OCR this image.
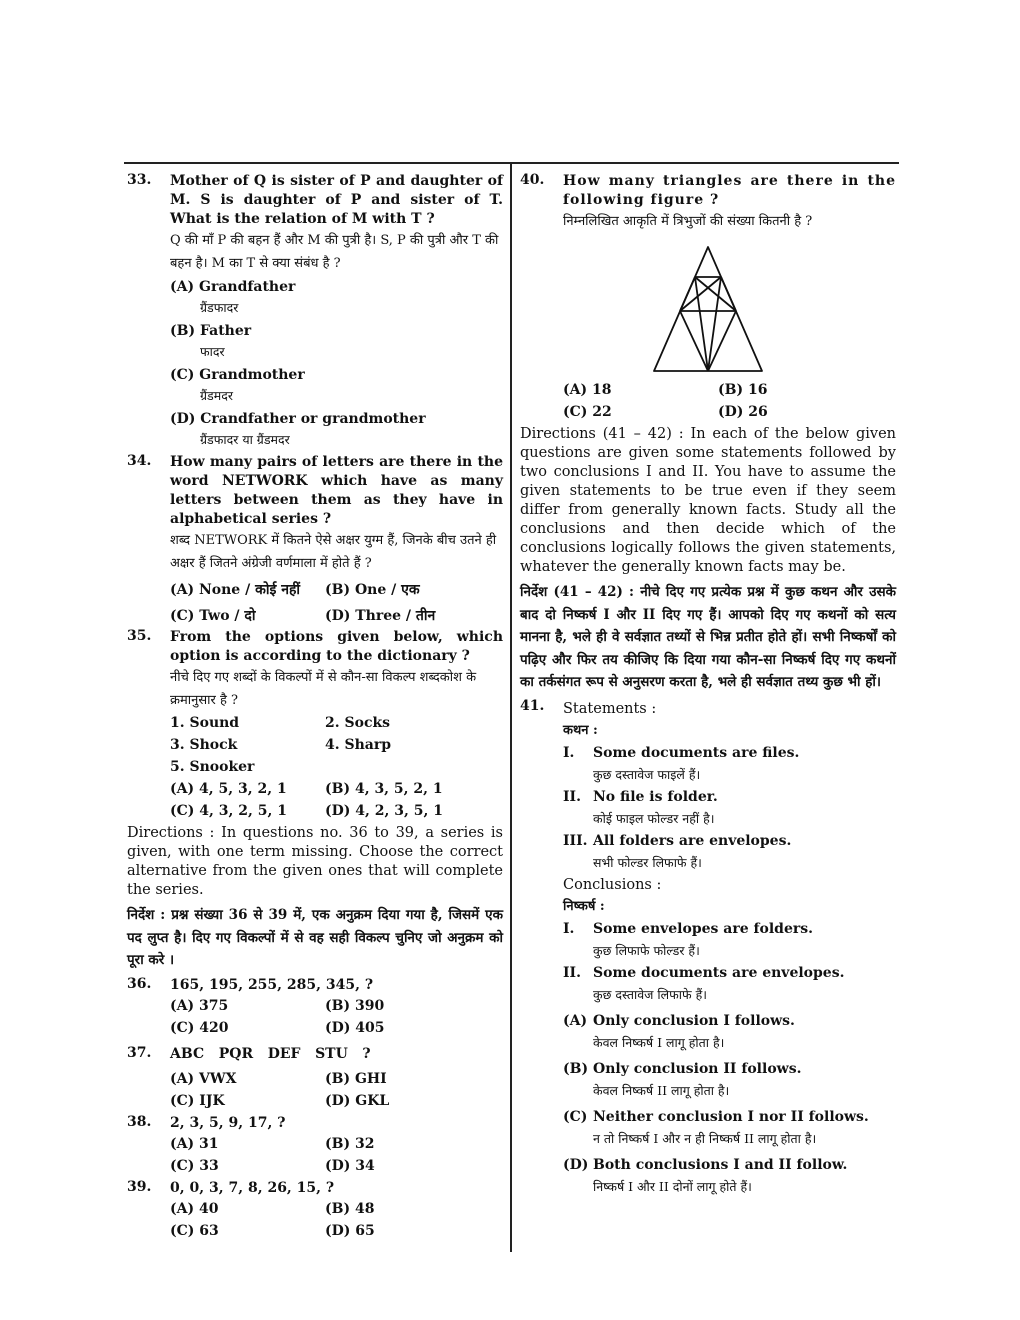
33. Mother of Q is sister of P and daughter of M. S is daughter of P and sister of T. What is the relation of M with T ?
Q की माँ P की बहन हैं और M की पुत्री है। S, P की पुत्री और T की बहन है। M का T से क्या संबंध है ?
(A) Grandfather
ग्रैंडफादर
(B) Father
फादर
(C) Grandmother
ग्रैंडमदर
(D) Crandfather or grandmother
ग्रैंडफादर या ग्रैंडमदर
34. How many pairs of letters are there in the word NETWORK which have as many letters between them as they have in alphabetical series ?
शब्द NETWORK में कितने ऐसे अक्षर युग्म हैं, जिनके बीच उतने ही अक्षर हैं जितने अंग्रेजी वर्णमाला में होते हैं ?
(A) None / कोई नहीं	(B) One / एक
(C) Two / दो	(D) Three / तीन
35. From the options given below, which option is according to the dictionary ?
नीचे दिए गए शब्दों के विकल्पों में से कौन-सा विकल्प शब्दकोश के क्रमानुसार है ?
1. Sound	2. Socks
3. Shock	4. Sharp
5. Snooker
(A) 4, 5, 3, 2, 1	(B) 4, 3, 5, 2, 1
(C) 4, 3, 2, 5, 1	(D) 4, 2, 3, 5, 1
Directions : In questions no. 36 to 39, a series is given, with one term missing. Choose the correct alternative from the given ones that will complete the series.
निर्देश : प्रश्न संख्या 36 से 39 में, एक अनुक्रम दिया गया है, जिसमें एक पद लुप्त है। दिए गए विकल्पों में से वह सही विकल्प चुनिए जो अनुक्रम को पूरा करे ।
36. 165, 195, 255, 285, 345, ?
(A) 375	(B) 390
(C) 420	(D) 405
37. ABC   PQR   DEF   STU   ?
(A) VWX	(B) GHI
(C) IJK	(D) GKL
38. 2, 3, 5, 9, 17, ?
(A) 31	(B) 32
(C) 33	(D) 34
39. 0, 0, 3, 7, 8, 26, 15, ?
(A) 40	(B) 48
(C) 63	(D) 65
40. How many triangles are there in the following figure ?
निम्नलिखित आकृति में त्रिभुजों की संख्या कितनी है ?
(A) 18	(B) 16
(C) 22	(D) 26
Directions (41 – 42) : In each of the below given questions are given some statements followed by two conclusions I and II. You have to assume the given statements to be true even if they seem differ from generally known facts. Study all the conclusions and then decide which of the conclusions logically follows the given statements, whatever the generally known facts may be.
निर्देश (41 – 42) : नीचे दिए गए प्रत्येक प्रश्न में कुछ कथन और उसके बाद दो निष्कर्ष I और II दिए गए हैं। आपको दिए गए कथनों को सत्य मानना है, भले ही वे सर्वज्ञात तथ्यों से भिन्न प्रतीत होते हों। सभी निष्कर्षों को पढ़िए और फिर तय कीजिए कि दिया गया कौन-सा निष्कर्ष दिए गए कथनों का तर्कसंगत रूप से अनुसरण करता है, भले ही सर्वज्ञात तथ्य कुछ भी हों।
41. Statements :
कथन :
I. Some documents are files.
कुछ दस्तावेज फाइलें हैं।
II. No file is folder.
कोई फाइल फोल्डर नहीं है।
III. All folders are envelopes.
सभी फोल्डर लिफाफे हैं।
Conclusions :
निष्कर्ष :
I. Some envelopes are folders.
कुछ लिफाफे फोल्डर हैं।
II. Some documents are envelopes.
कुछ दस्तावेज लिफाफे हैं।
(A) Only conclusion I follows.
केवल निष्कर्ष I लागू होता है।
(B) Only conclusion II follows.
केवल निष्कर्ष II लागू होता है।
(C) Neither conclusion I nor II follows.
न तो निष्कर्ष I और न ही निष्कर्ष II लागू होता है।
(D) Both conclusions I and II follow.
निष्कर्ष I और II दोनों लागू होते हैं।
